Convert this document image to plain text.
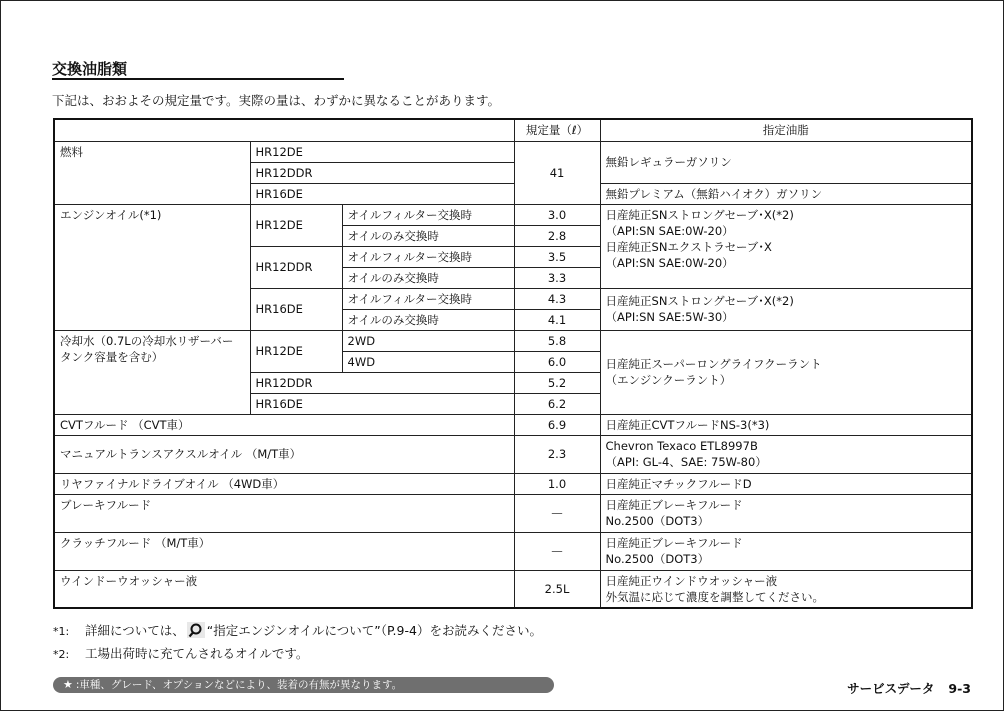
交換油脂類
下記は、おおよその規定量です。実際の量は、わずかに異なることがあります。
			規定量（ℓ）	指定油脂
燃料	HR12DE		41	無鉛レギュラーガソリン
	HR12DDR			
	HR16DE			無鉛プレミアム（無鉛ハイオク）ガソリン
エンジンオイル(*1)	HR12DE	オイルフィルター交換時	3.0	日産純正SNストロングセーブ･X(*2)
（API:SN SAE:0W-20）
日産純正SNエクストラセーブ･X
（API:SN SAE:0W-20）

		オイルのみ交換時	2.8	
	HR12DDR	オイルフィルター交換時	3.5	
		オイルのみ交換時	3.3	
	HR16DE	オイルフィルター交換時	4.3	日産純正SNストロングセーブ･X(*2)
（API:SN SAE:5W-30）

		オイルのみ交換時	4.1	
冷却水（0.7Lの冷却水リザーバータンク容量を含む）	HR12DE	2WD	5.8	日産純正スーパーロングライフクーラント
（エンジンクーラント）

		4WD	6.0	
	HR12DDR		5.2	
	HR16DE		6.2	
CVTフルード （CVT車）			6.9	日産純正CVTフルードNS-3(*3)
マニュアルトランスアクスルオイル （M/T車）			2.3	Chevron Texaco ETL8997B
（API: GL-4、SAE: 75W-80）

リヤファイナルドライブオイル （4WD車）			1.0	日産純正マチックフルードD
ブレーキフルード			—	日産純正ブレーキフルード
No.2500（DOT3）

クラッチフルード （M/T車）			—	日産純正ブレーキフルード
No.2500（DOT3）

ウインドーウオッシャー液			2.5L	日産純正ウインドウオッシャー液
外気温に応じて濃度を調整してください。
*1: 詳細については、 “指定エンジンオイルについて”（P.9-4）をお読みください。
*2: 工場出荷時に充てんされるオイルです。
★ :車種、グレード、オプションなどにより、装着の有無が異なります。	サービスデータ 9-3
